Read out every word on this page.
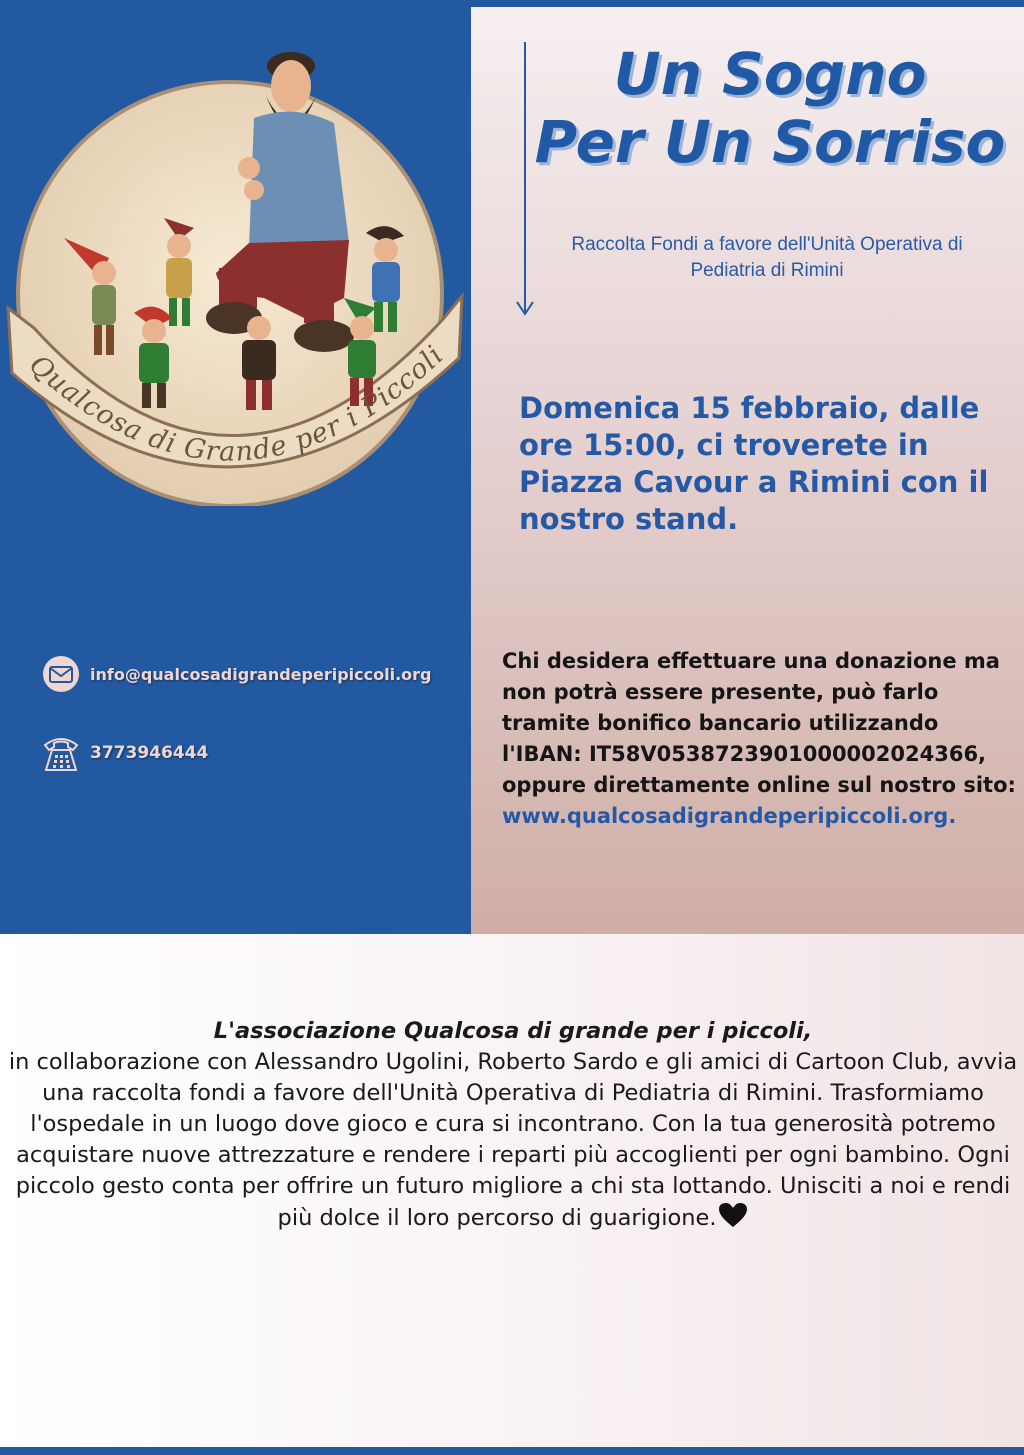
Qualcosa di Grande per i Piccoli
Un Sogno
Per Un Sorriso

Raccolta Fondi a favore dell'Unità Operativa di Pediatria di Rimini

Domenica 15 febbraio, dalle ore 15:00, ci troverete in Piazza Cavour a Rimini con il nostro stand.

info@qualcosadigrandeperipiccoli.org
3773946444

Chi desidera effettuare una donazione ma non potrà essere presente, può farlo tramite bonifico bancario utilizzando l'IBAN: IT58V0538723901000002024366, oppure direttamente online sul nostro sito:
www.qualcosadigrandeperipiccoli.org.

L'associazione Qualcosa di grande per i piccoli,
in collaborazione con Alessandro Ugolini, Roberto Sardo e gli amici di Cartoon Club, avvia una raccolta fondi a favore dell'Unità Operativa di Pediatria di Rimini. Trasformiamo l'ospedale in un luogo dove gioco e cura si incontrano. Con la tua generosità potremo acquistare nuove attrezzature e rendere i reparti più accoglienti per ogni bambino. Ogni piccolo gesto conta per offrire un futuro migliore a chi sta lottando. Unisciti a noi e rendi più dolce il loro percorso di guarigione.
